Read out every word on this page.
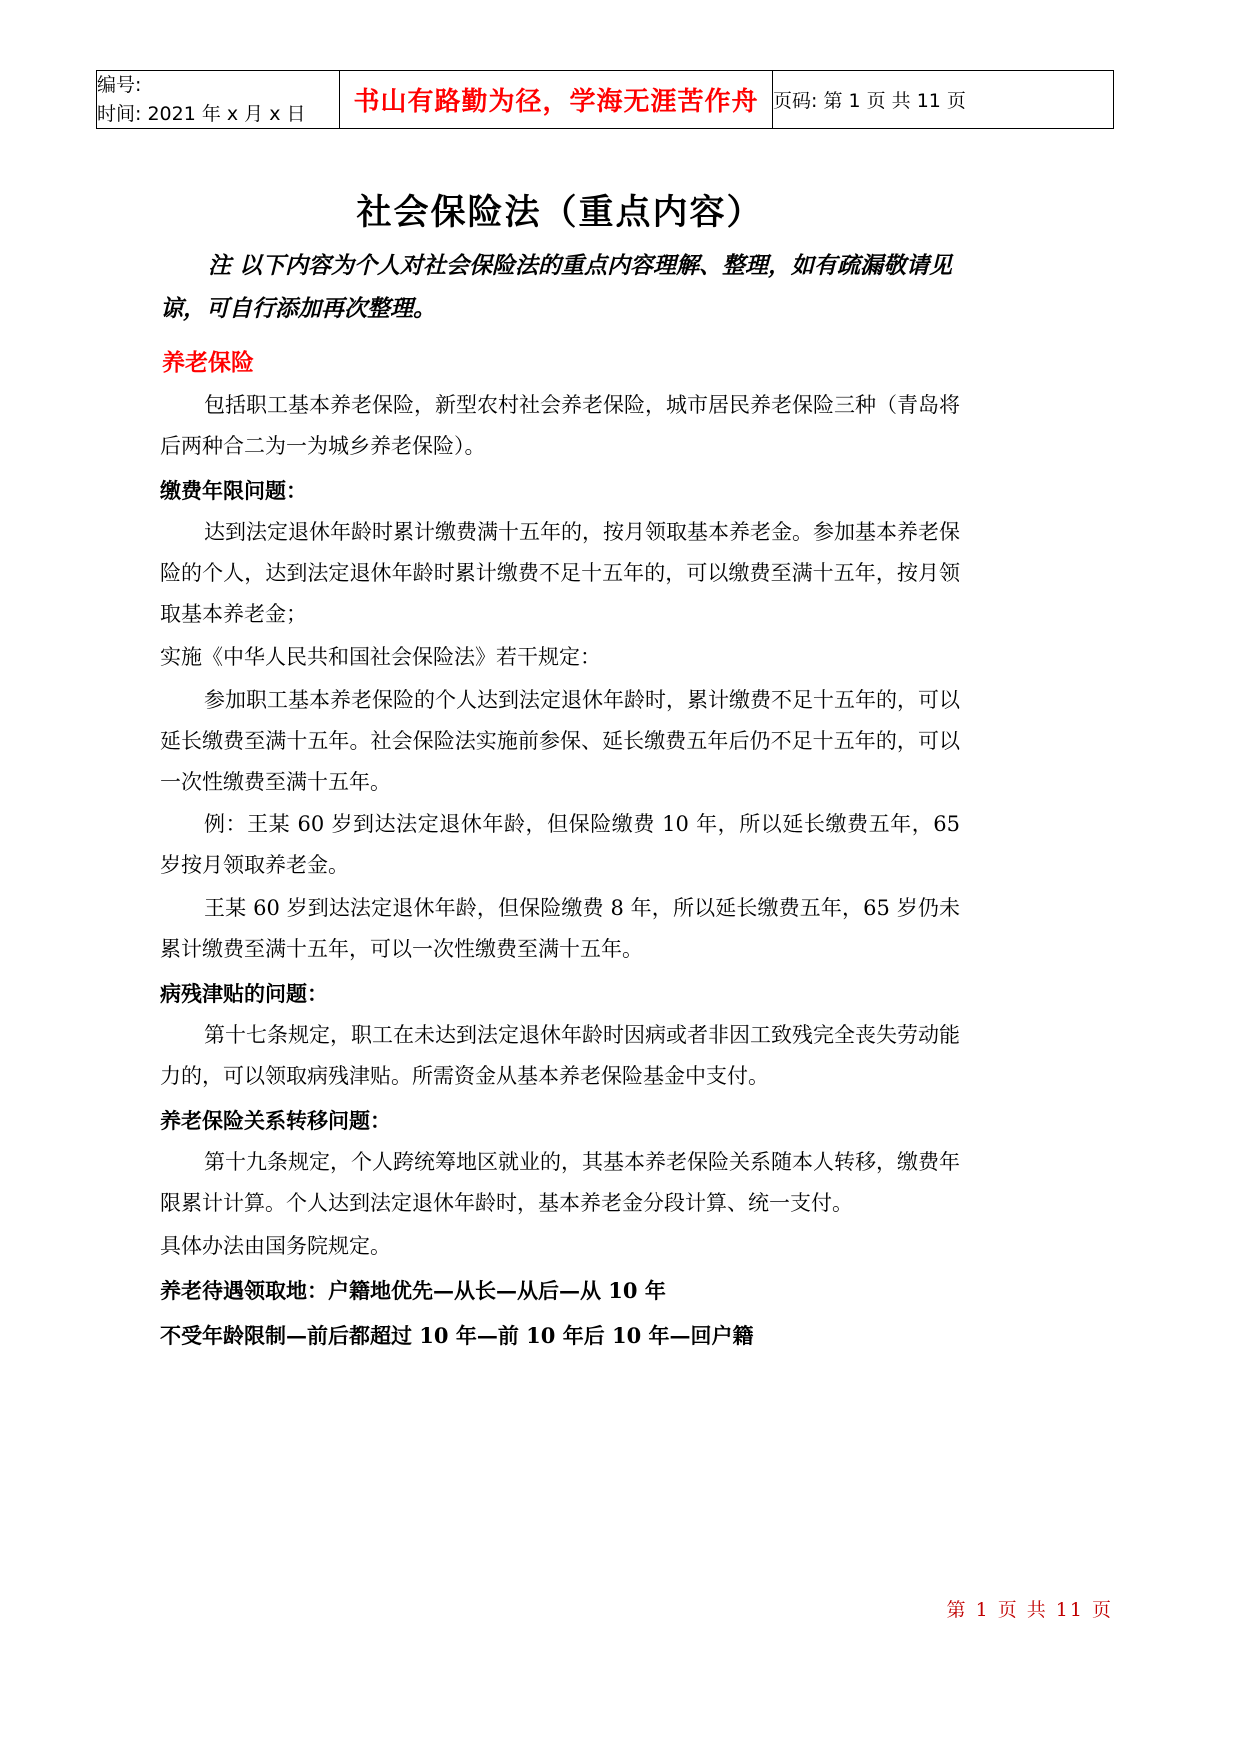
编号:
时间: 2021 年 x 月 x 日	书山有路勤为径，学海无涯苦作舟	页码: 第 1 页 共 11 页
社会保险法（重点内容）
注 以下内容为个人对社会保险法的重点内容理解、整理，如有疏漏敬请见谅，可自行添加再次整理。
养老保险

包括职工基本养老保险，新型农村社会养老保险，城市居民养老保险三种（青岛将后两种合二为一为城乡养老保险）。

缴费年限问题：

达到法定退休年龄时累计缴费满十五年的，按月领取基本养老金。参加基本养老保险的个人，达到法定退休年龄时累计缴费不足十五年的，可以缴费至满十五年，按月领取基本养老金；

实施《中华人民共和国社会保险法》若干规定：

参加职工基本养老保险的个人达到法定退休年龄时，累计缴费不足十五年的，可以延长缴费至满十五年。社会保险法实施前参保、延长缴费五年后仍不足十五年的，可以一次性缴费至满十五年。

例：王某 60 岁到达法定退休年龄，但保险缴费 10 年，所以延长缴费五年，65 岁按月领取养老金。

王某 60 岁到达法定退休年龄，但保险缴费 8 年，所以延长缴费五年，65 岁仍未累计缴费至满十五年，可以一次性缴费至满十五年。

病残津贴的问题：

第十七条规定，职工在未达到法定退休年龄时因病或者非因工致残完全丧失劳动能力的，可以领取病残津贴。所需资金从基本养老保险基金中支付。

养老保险关系转移问题：

第十九条规定，个人跨统筹地区就业的，其基本养老保险关系随本人转移，缴费年限累计计算。个人达到法定退休年龄时，基本养老金分段计算、统一支付。

具体办法由国务院规定。

养老待遇领取地：户籍地优先—从长—从后—从 10 年

不受年龄限制—前后都超过 10 年—前 10 年后 10 年—回户籍

第 1 页 共 11 页
